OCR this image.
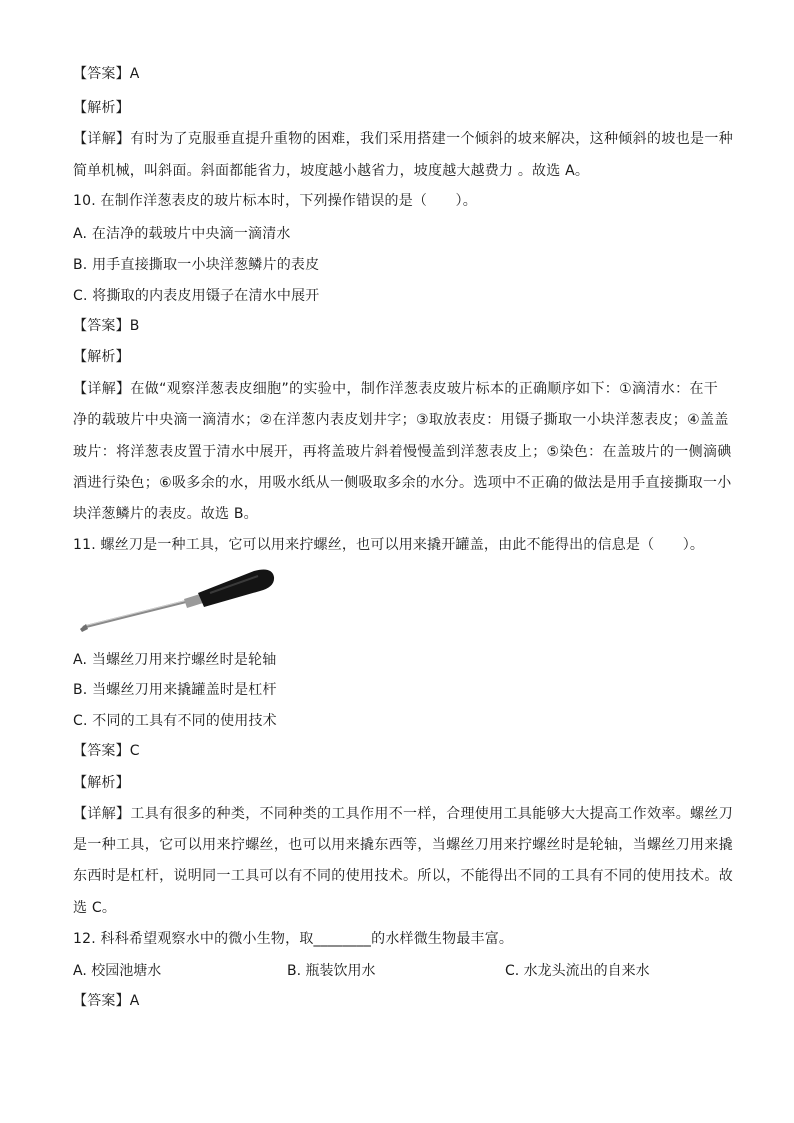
【答案】A
【解析】
【详解】有时为了克服垂直提升重物的困难，我们采用搭建一个倾斜的坡来解决，这种倾斜的坡也是一种
简单机械，叫斜面。斜面都能省力，坡度越小越省力，坡度越大越费力 。故选 A。
10. 在制作洋葱表皮的玻片标本时，下列操作错误的是（　　）。
A. 在洁净的载玻片中央滴一滴清水
B. 用手直接撕取一小块洋葱鳞片的表皮
C. 将撕取的内表皮用镊子在清水中展开
【答案】B
【解析】
【详解】在做“观察洋葱表皮细胞”的实验中，制作洋葱表皮玻片标本的正确顺序如下：①滴清水：在干
净的载玻片中央滴一滴清水；②在洋葱内表皮划井字；③取放表皮：用镊子撕取一小块洋葱表皮；④盖盖
玻片：将洋葱表皮置于清水中展开，再将盖玻片斜着慢慢盖到洋葱表皮上；⑤染色：在盖玻片的一侧滴碘
酒进行染色；⑥吸多余的水，用吸水纸从一侧吸取多余的水分。选项中不正确的做法是用手直接撕取一小
块洋葱鳞片的表皮。故选 B。
11. 螺丝刀是一种工具，它可以用来拧螺丝，也可以用来撬开罐盖，由此不能得出的信息是（　　）。
A. 当螺丝刀用来拧螺丝时是轮轴
B. 当螺丝刀用来撬罐盖时是杠杆
C. 不同的工具有不同的使用技术
【答案】C
【解析】
【详解】工具有很多的种类，不同种类的工具作用不一样，合理使用工具能够大大提高工作效率。螺丝刀
是一种工具，它可以用来拧螺丝，也可以用来撬东西等，当螺丝刀用来拧螺丝时是轮轴，当螺丝刀用来撬
东西时是杠杆，说明同一工具可以有不同的使用技术。所以，不能得出不同的工具有不同的使用技术。故
选 C。
12. 科科希望观察水中的微小生物，取________的水样微生物最丰富。
A. 校园池塘水	B. 瓶装饮用水	C. 水龙头流出的自来水
【答案】A
